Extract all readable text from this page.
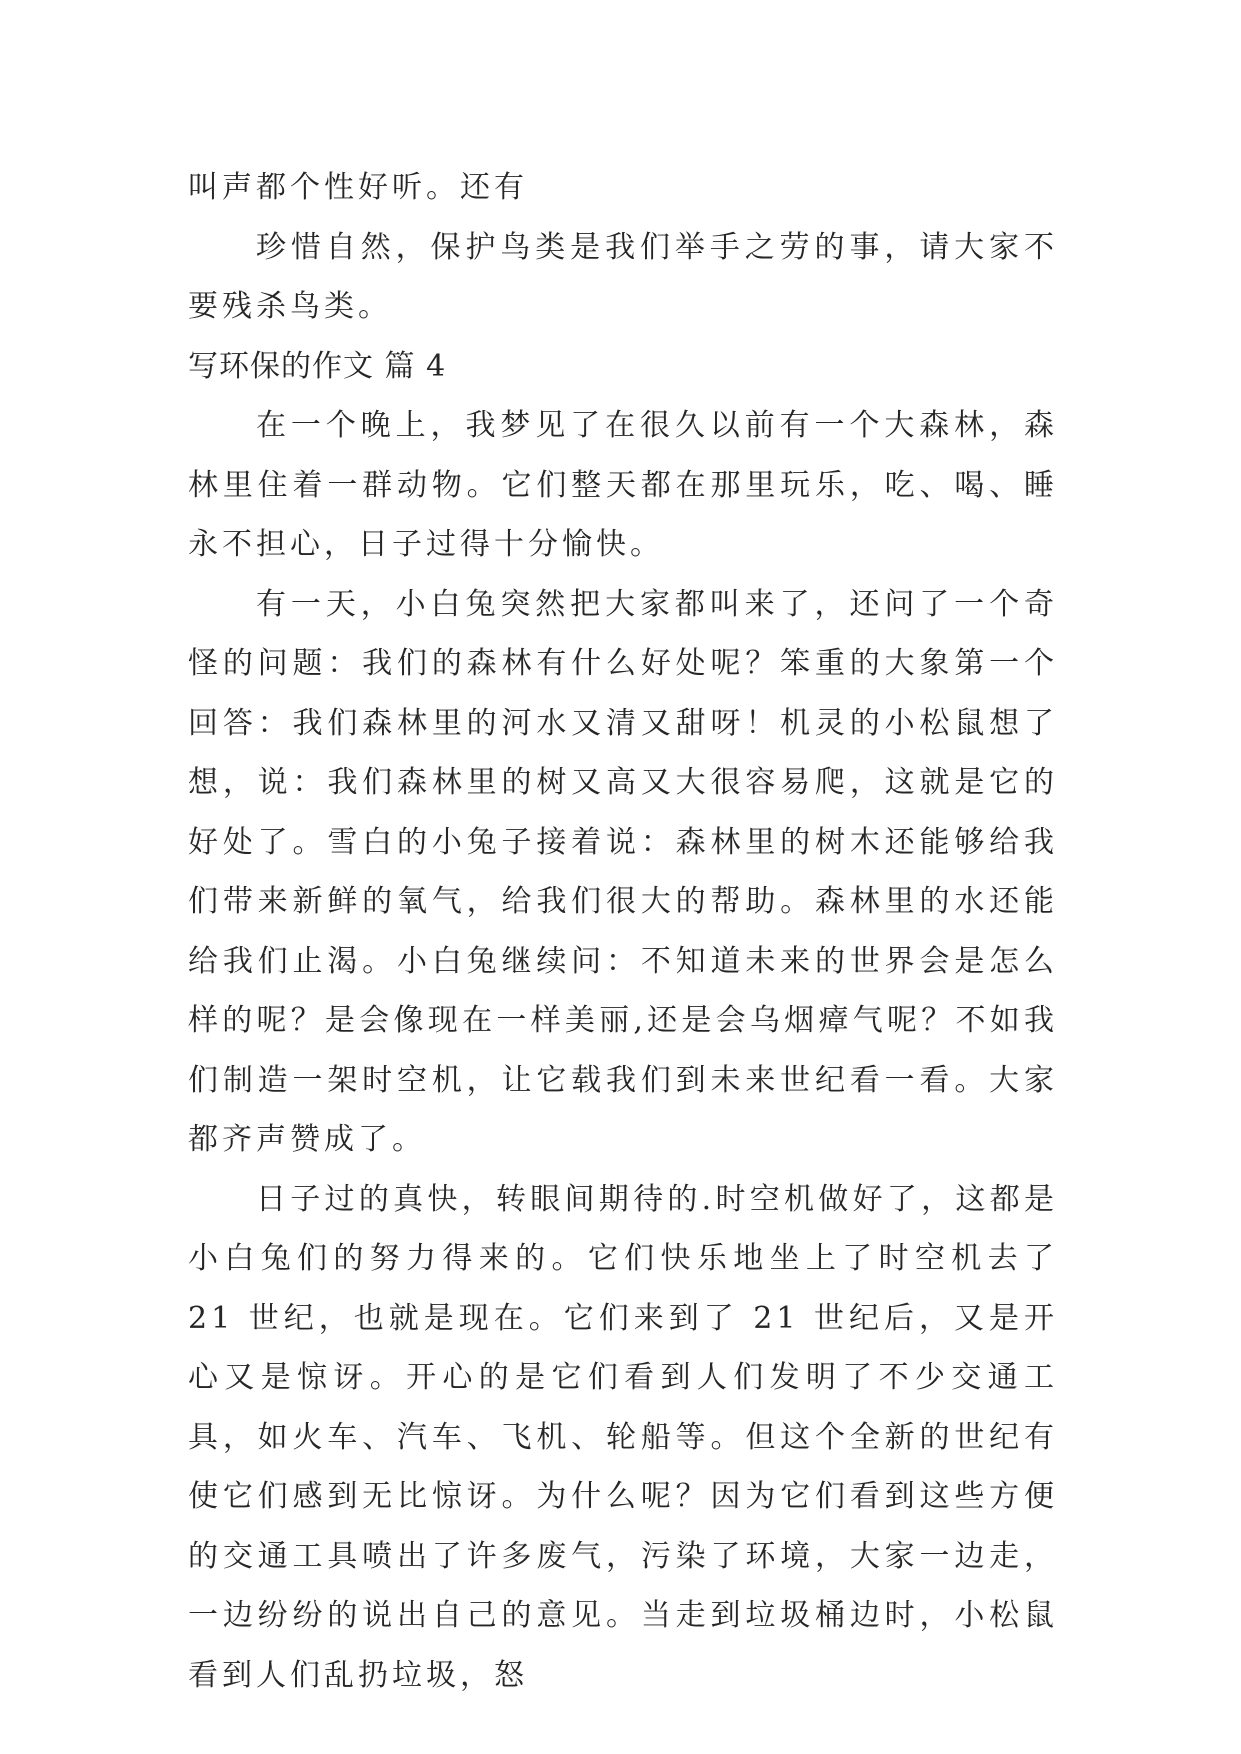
叫声都个性好听。还有

珍惜自然，保护鸟类是我们举手之劳的事，请大家不要残杀鸟类。

写环保的作文 篇 4

在一个晚上，我梦见了在很久以前有一个大森林，森林里住着一群动物。它们整天都在那里玩乐，吃、喝、睡永不担心，日子过得十分愉快。

有一天，小白兔突然把大家都叫来了，还问了一个奇怪的问题：我们的森林有什么好处呢？笨重的大象第一个回答：我们森林里的河水又清又甜呀！机灵的小松鼠想了想，说：我们森林里的树又高又大很容易爬，这就是它的好处了。雪白的小兔子接着说：森林里的树木还能够给我们带来新鲜的氧气，给我们很大的帮助。森林里的水还能给我们止渴。小白兔继续问：不知道未来的世界会是怎么样的呢？是会像现在一样美丽,还是会乌烟瘴气呢？不如我们制造一架时空机，让它载我们到未来世纪看一看。大家都齐声赞成了。

日子过的真快，转眼间期待的.时空机做好了，这都是小白兔们的努力得来的。它们快乐地坐上了时空机去了 21 世纪，也就是现在。它们来到了 21 世纪后，又是开心又是惊讶。开心的是它们看到人们发明了不少交通工具，如火车、汽车、飞机、轮船等。但这个全新的世纪有使它们感到无比惊讶。为什么呢？因为它们看到这些方便的交通工具喷出了许多废气，污染了环境，大家一边走，一边纷纷的说出自己的意见。当走到垃圾桶边时，小松鼠看到人们乱扔垃圾，怒
